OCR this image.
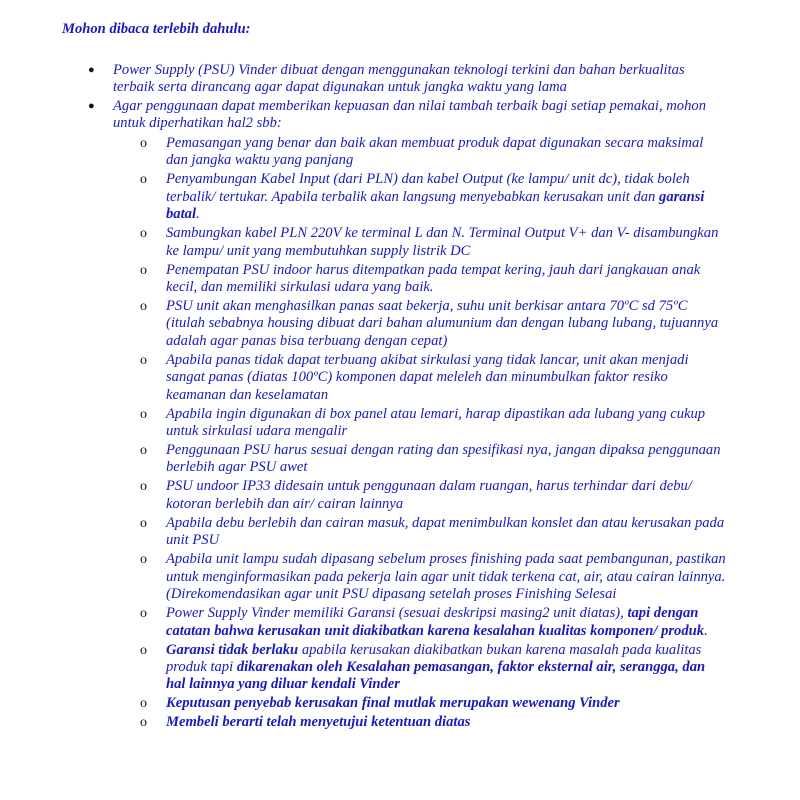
Mohon dibaca terlebih dahulu:
● Power Supply (PSU) Vinder dibuat dengan menggunakan teknologi terkini dan bahan berkualitas terbaik serta dirancang agar dapat digunakan untuk jangka waktu yang lama
● Agar penggunaan dapat memberikan kepuasan dan nilai tambah terbaik bagi setiap pemakai, mohon untuk diperhatikan hal2 sbb:
o Pemasangan yang benar dan baik akan membuat produk dapat digunakan secara maksimal dan jangka waktu yang panjang
o Penyambungan Kabel Input (dari PLN) dan kabel Output (ke lampu/ unit dc), tidak boleh terbalik/ tertukar. Apabila terbalik akan langsung menyebabkan kerusakan unit dan garansi batal.
o Sambungkan kabel PLN 220V ke terminal L dan N. Terminal Output V+ dan V- disambungkan ke lampu/ unit yang membutuhkan supply listrik DC
o Penempatan PSU indoor harus ditempatkan pada tempat kering, jauh dari jangkauan anak kecil, dan memiliki sirkulasi udara yang baik.
o PSU unit akan menghasilkan panas saat bekerja, suhu unit berkisar antara 70ºC sd 75ºC (itulah sebabnya housing dibuat dari bahan alumunium dan dengan lubang lubang, tujuannya adalah agar panas bisa terbuang dengan cepat)
o Apabila panas tidak dapat terbuang akibat sirkulasi yang tidak lancar, unit akan menjadi sangat panas (diatas 100ºC) komponen dapat meleleh dan minumbulkan faktor resiko keamanan dan keselamatan
o Apabila ingin digunakan di box panel atau lemari, harap dipastikan ada lubang yang cukup untuk sirkulasi udara mengalir
o Penggunaan PSU harus sesuai dengan rating dan spesifikasi nya, jangan dipaksa penggunaan berlebih agar PSU awet
o PSU undoor IP33 didesain untuk penggunaan dalam ruangan, harus terhindar dari debu/ kotoran berlebih dan air/ cairan lainnya
o Apabila debu berlebih dan cairan masuk, dapat menimbulkan konslet dan atau kerusakan pada unit PSU
o Apabila unit lampu sudah dipasang sebelum proses finishing pada saat pembangunan, pastikan untuk menginformasikan pada pekerja lain agar unit tidak terkena cat, air, atau cairan lainnya. (Direkomendasikan agar unit PSU dipasang setelah proses Finishing Selesai
o Power Supply Vinder memiliki Garansi (sesuai deskripsi masing2 unit diatas), tapi dengan catatan bahwa kerusakan unit diakibatkan karena kesalahan kualitas komponen/ produk.
o Garansi tidak berlaku apabila kerusakan diakibatkan bukan karena masalah pada kualitas produk tapi dikarenakan oleh Kesalahan pemasangan, faktor eksternal air, serangga, dan hal lainnya yang diluar kendali Vinder
o Keputusan penyebab kerusakan final mutlak merupakan wewenang Vinder
o Membeli berarti telah menyetujui ketentuan diatas
